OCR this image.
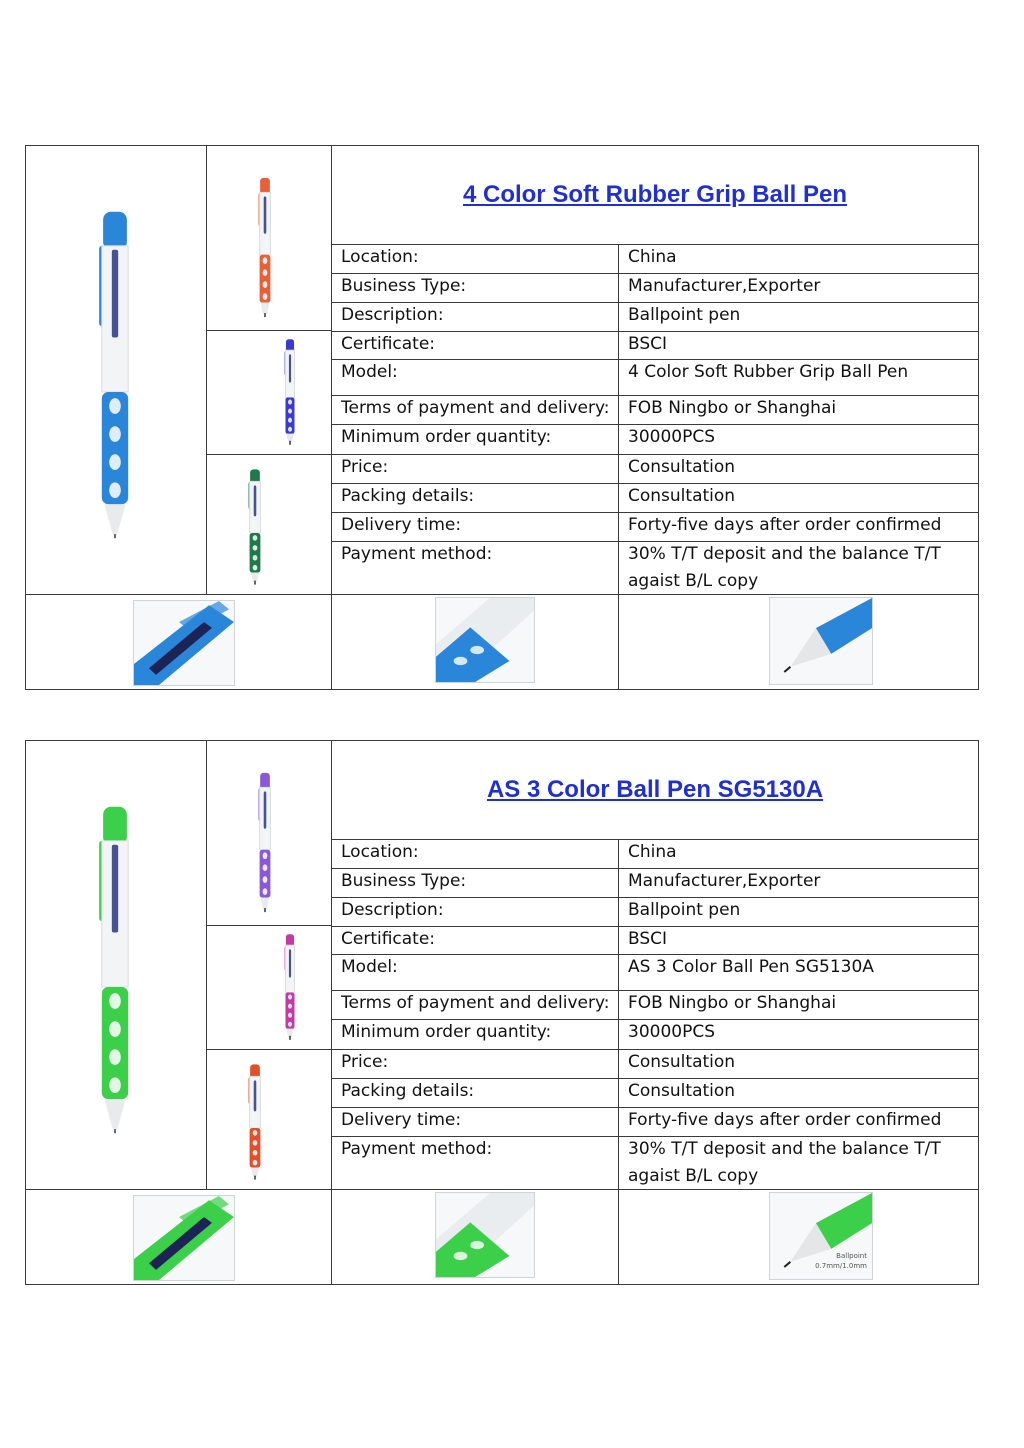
4 Color Soft Rubber Grip Ball Pen
Location:	China
Business Type:	Manufacturer,Exporter
Description:	Ballpoint pen
Certificate:	BSCI
Model:	4 Color Soft Rubber Grip Ball Pen
Terms of payment and delivery: FOB Ningbo or Shanghai
Minimum order quantity:	30000PCS
Price:	Consultation
Packing details:	Consultation
Delivery time:	Forty-five days after order confirmed
Payment method:	30% T/T deposit and the balance T/T agaist B/L copy
AS 3 Color Ball Pen SG5130A
Ballpoint
0.7mm/1.0mm
Location:	China
Business Type:	Manufacturer,Exporter
Description:	Ballpoint pen
Certificate:	BSCI
Model:	AS 3 Color Ball Pen SG5130A
Terms of payment and delivery: FOB Ningbo or Shanghai
Minimum order quantity:	30000PCS
Price:	Consultation
Packing details:	Consultation
Delivery time:	Forty-five days after order confirmed
Payment method:	30% T/T deposit and the balance T/T agaist B/L copy
